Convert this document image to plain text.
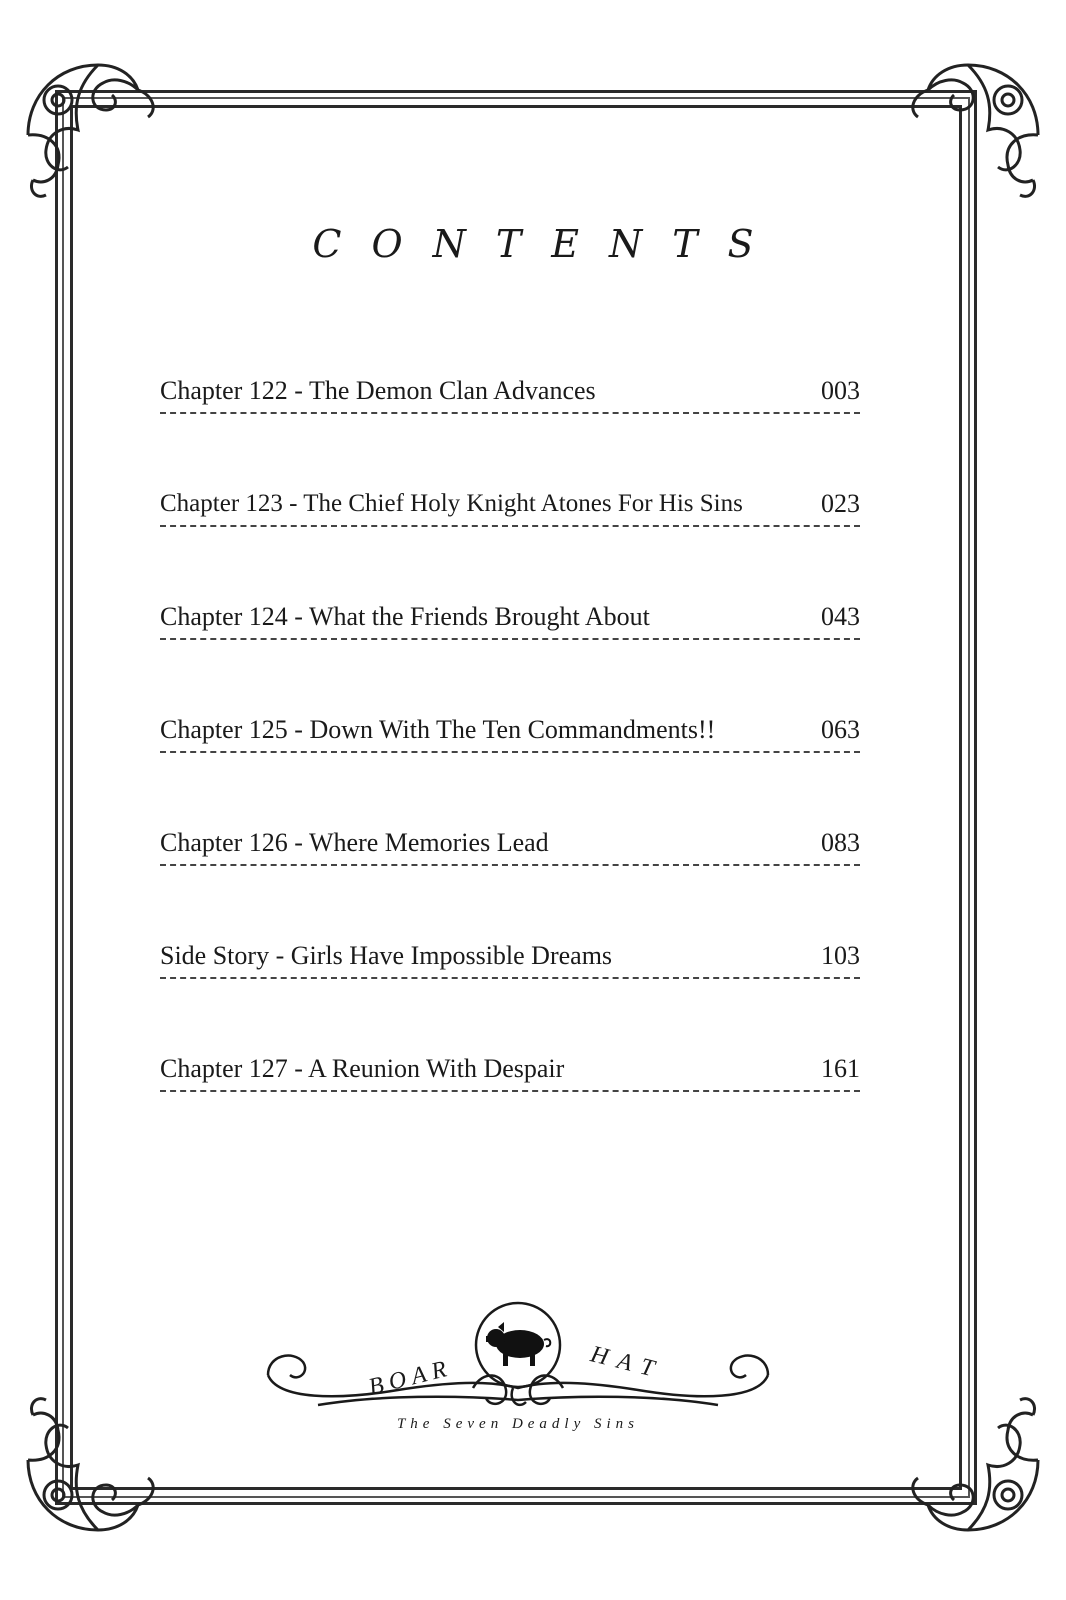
CONTENTS
Chapter 122 - The Demon Clan Advances	003
Chapter 123 - The Chief Holy Knight Atones For His Sins	023
Chapter 124 - What the Friends Brought About	043
Chapter 125 - Down With The Ten Commandments!!	063
Chapter 126 - Where Memories Lead	083
Side Story - Girls Have Impossible Dreams	103
Chapter 127 - A Reunion With Despair	161
BOAR	HAT
The Seven Deadly Sins
